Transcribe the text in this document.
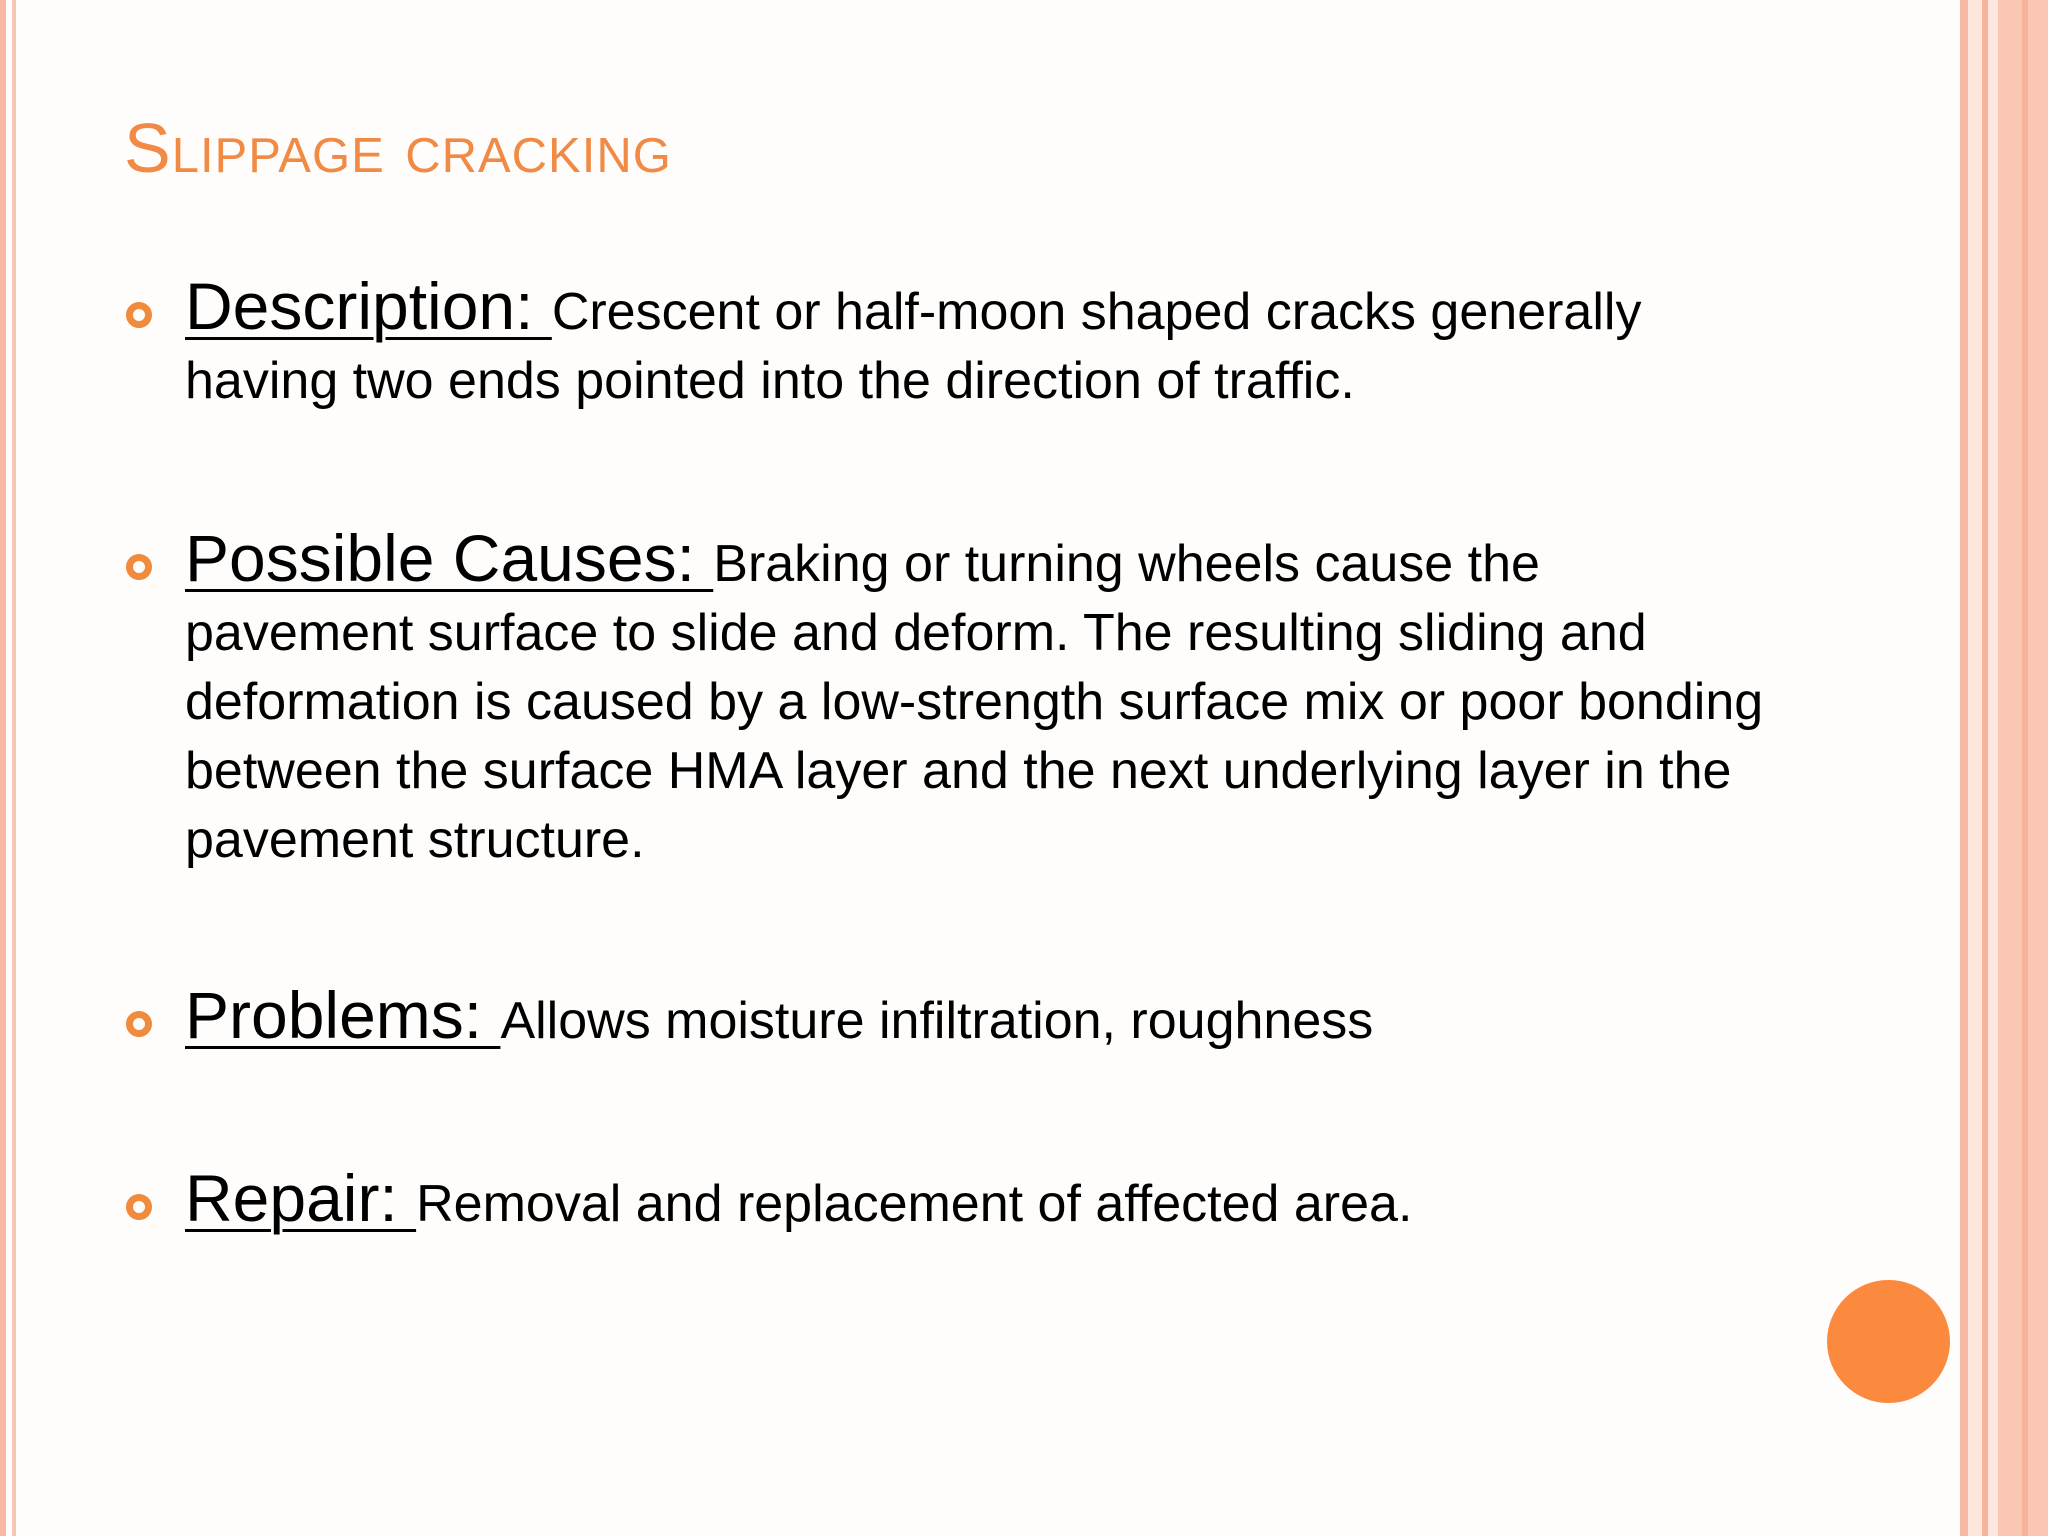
Slippage cracking
Description: Crescent or half-moon shaped cracks generally having two ends pointed into the direction of traffic.
Possible Causes: Braking or turning wheels cause the pavement surface to slide and deform. The resulting sliding and deformation is caused by a low-strength surface mix or poor bonding between the surface HMA layer and the next underlying layer in the pavement structure.
Problems: Allows moisture infiltration, roughness
Repair: Removal and replacement of affected area.
